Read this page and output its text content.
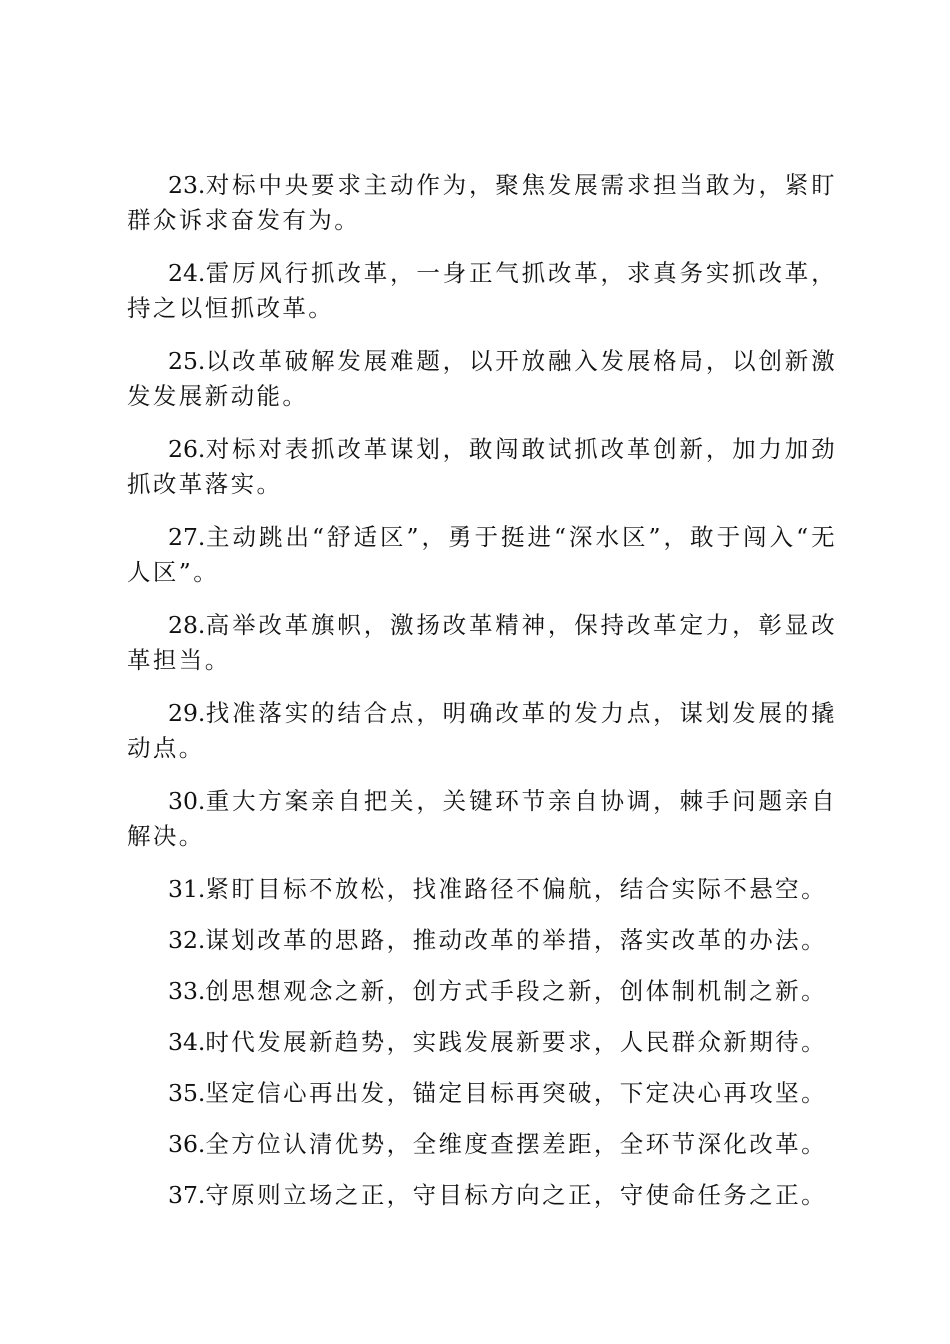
23.对标中央要求主动作为，聚焦发展需求担当敢为，紧盯群众诉求奋发有为。

24.雷厉风行抓改革，一身正气抓改革，求真务实抓改革，持之以恒抓改革。

25.以改革破解发展难题，以开放融入发展格局，以创新激发发展新动能。

26.对标对表抓改革谋划，敢闯敢试抓改革创新，加力加劲抓改革落实。

27.主动跳出“舒适区”，勇于挺进“深水区”，敢于闯入“无人区”。

28.高举改革旗帜，激扬改革精神，保持改革定力，彰显改革担当。

29.找准落实的结合点，明确改革的发力点，谋划发展的撬动点。

30.重大方案亲自把关，关键环节亲自协调，棘手问题亲自解决。

31.紧盯目标不放松，找准路径不偏航，结合实际不悬空。

32.谋划改革的思路，推动改革的举措，落实改革的办法。

33.创思想观念之新，创方式手段之新，创体制机制之新。

34.时代发展新趋势，实践发展新要求，人民群众新期待。

35.坚定信心再出发，锚定目标再突破，下定决心再攻坚。

36.全方位认清优势，全维度查摆差距，全环节深化改革。

37.守原则立场之正，守目标方向之正，守使命任务之正。
